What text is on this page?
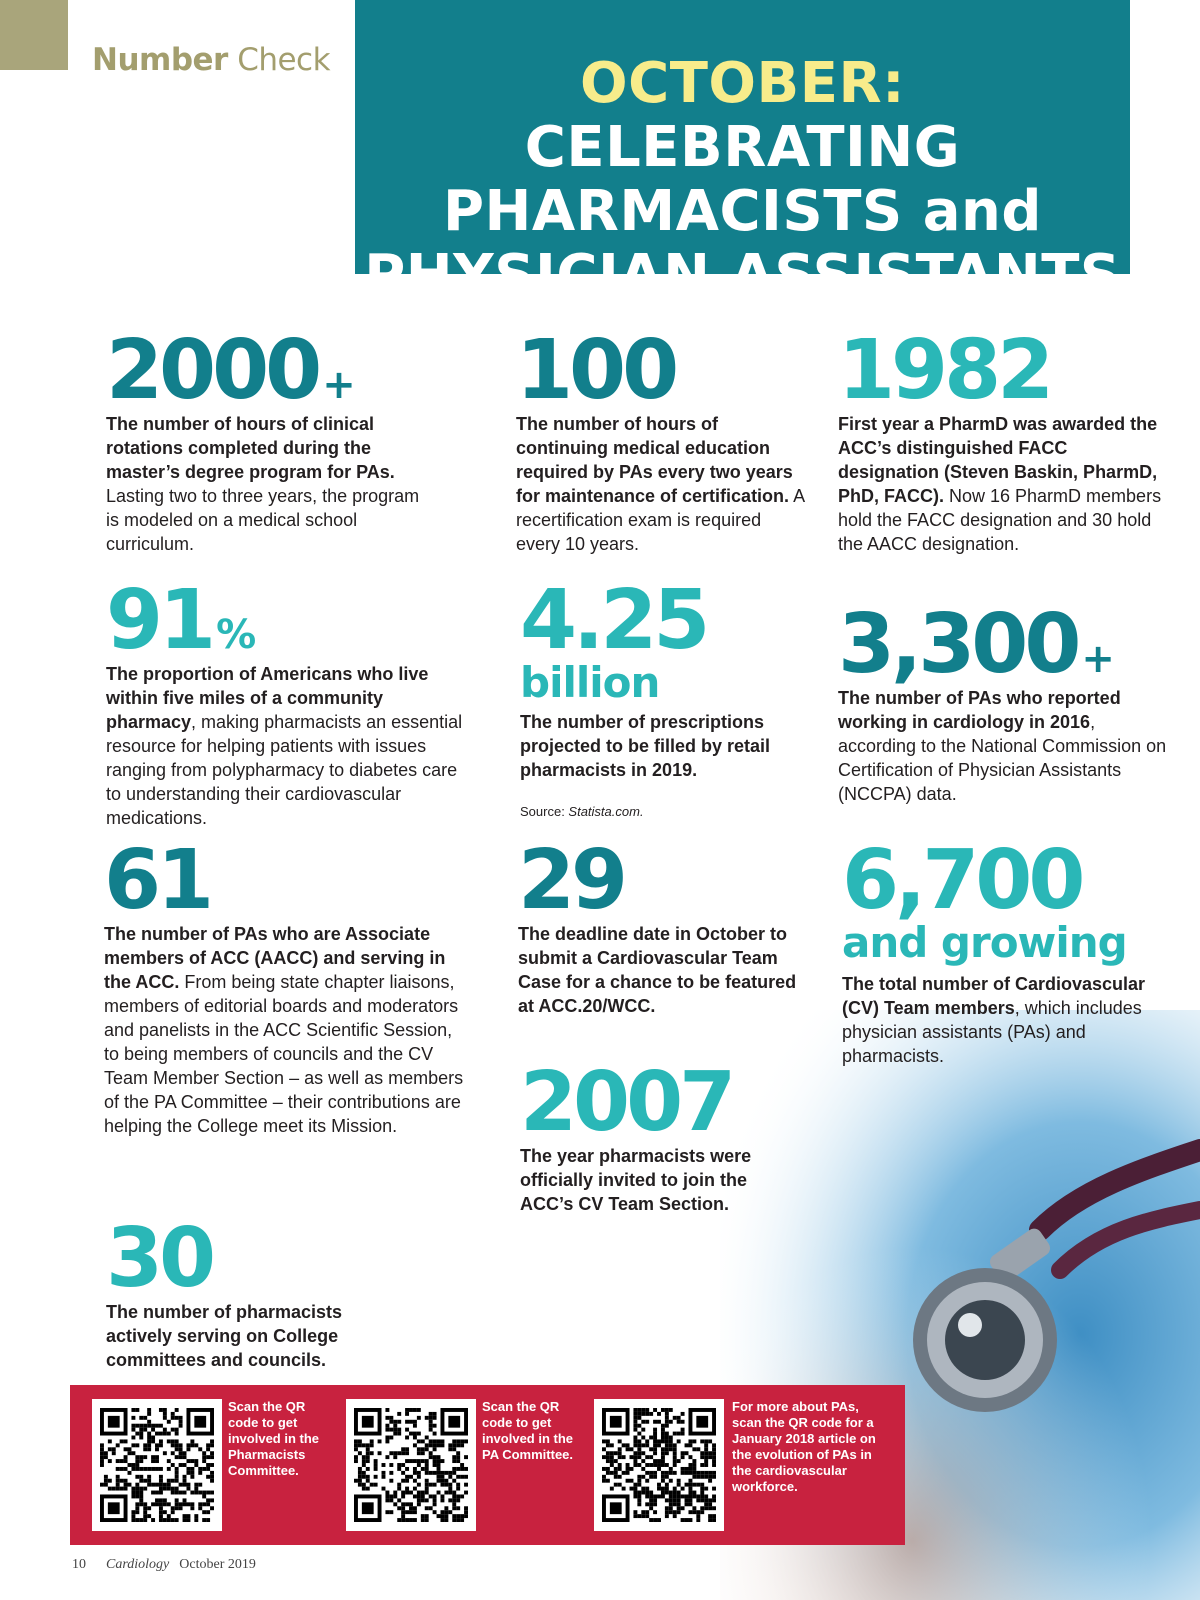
Number Check	OCTOBER: CELEBRATING
PHARMACISTS and
PHYSICIAN ASSISTANTS
2000 +
The number of hours of clinical rotations completed during the master’s degree program for PAs. Lasting two to three years, the program is modeled on a medical school curriculum.
91 %
The proportion of Americans who live within five miles of a community pharmacy, making pharmacists an essential resource for helping patients with issues ranging from polypharmacy to diabetes care to understanding their cardiovascular medications.
61
The number of PAs who are Associate members of ACC (AACC) and serving in the ACC. From being state chapter liaisons, members of editorial boards and moderators and panelists in the ACC Scientific Session, to being members of councils and the CV Team Member Section – as well as members of the PA Committee – their contributions are helping the College meet its Mission.
30
The number of pharmacists actively serving on College committees and councils.
100
The number of hours of continuing medical education required by PAs every two years for maintenance of certification. A recertification exam is required every 10 years.
4.25
billion
The number of prescriptions projected to be filled by retail pharmacists in 2019.
Source: Statista.com.
29
The deadline date in October to submit a Cardiovascular Team Case for a chance to be featured at ACC.20/WCC.
2007
The year pharmacists were officially invited to join the ACC’s CV Team Section.
1982
First year a PharmD was awarded the ACC’s distinguished FACC designation (Steven Baskin, PharmD, PhD, FACC). Now 16 PharmD members hold the FACC designation and 30 hold the AACC designation.
3,300 +
The number of PAs who reported working in cardiology in 2016, according to the National Commission on Certification of Physician Assistants (NCCPA) data.
6,700
and growing
The total number of Cardiovascular (CV) Team members, which includes physician assistants (PAs) and pharmacists.
Scan the QR code to get involved in the Pharmacists Committee.
Scan the QR code to get involved in the PA Committee.
For more about PAs, scan the QR code for a January 2018 article on the evolution of PAs in the cardiovascular workforce.
10 Cardiology October 2019
